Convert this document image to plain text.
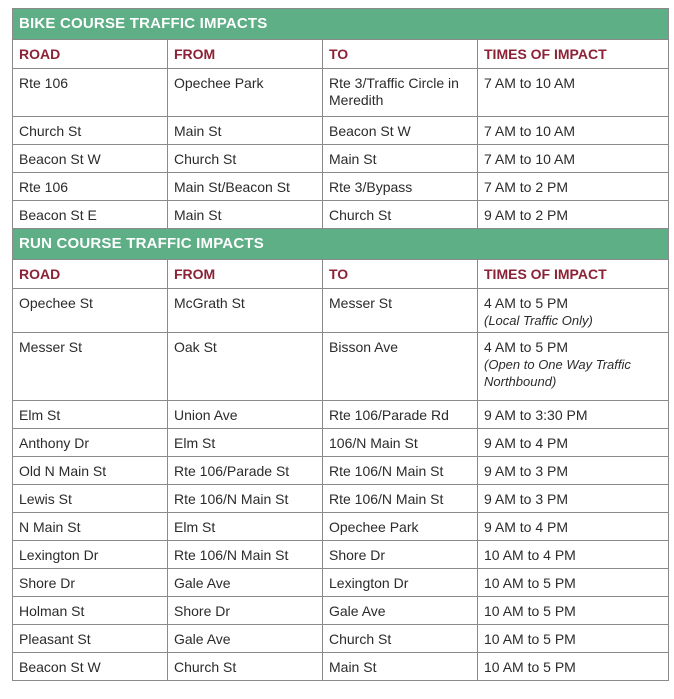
BIKE COURSE TRAFFIC IMPACTS			
ROAD	FROM	TO	TIMES OF IMPACT
Rte 106	Opechee Park	Rte 3/Traffic Circle in Meredith	7 AM to 10 AM
Church St	Main St	Beacon St W	7 AM to 10 AM
Beacon St W	Church St	Main St	7 AM to 10 AM
Rte 106	Main St/Beacon St	Rte 3/Bypass	7 AM to 2 PM
Beacon St E	Main St	Church St	9 AM to 2 PM
RUN COURSE TRAFFIC IMPACTS			
ROAD	FROM	TO	TIMES OF IMPACT
Opechee St	McGrath St	Messer St	4 AM to 5 PM
(Local Traffic Only)

Messer St	Oak St	Bisson Ave	4 AM to 5 PM
(Open to One Way Traffic Northbound)

Elm St	Union Ave	Rte 106/Parade Rd	9 AM to 3:30 PM
Anthony Dr	Elm St	106/N Main St	9 AM to 4 PM
Old N Main St	Rte 106/Parade St	Rte 106/N Main St	9 AM to 3 PM
Lewis St	Rte 106/N Main St	Rte 106/N Main St	9 AM to 3 PM
N Main St	Elm St	Opechee Park	9 AM to 4 PM
Lexington Dr	Rte 106/N Main St	Shore Dr	10 AM to 4 PM
Shore Dr	Gale Ave	Lexington Dr	10 AM to 5 PM
Holman St	Shore Dr	Gale Ave	10 AM to 5 PM
Pleasant St	Gale Ave	Church St	10 AM to 5 PM
Beacon St W	Church St	Main St	10 AM to 5 PM
